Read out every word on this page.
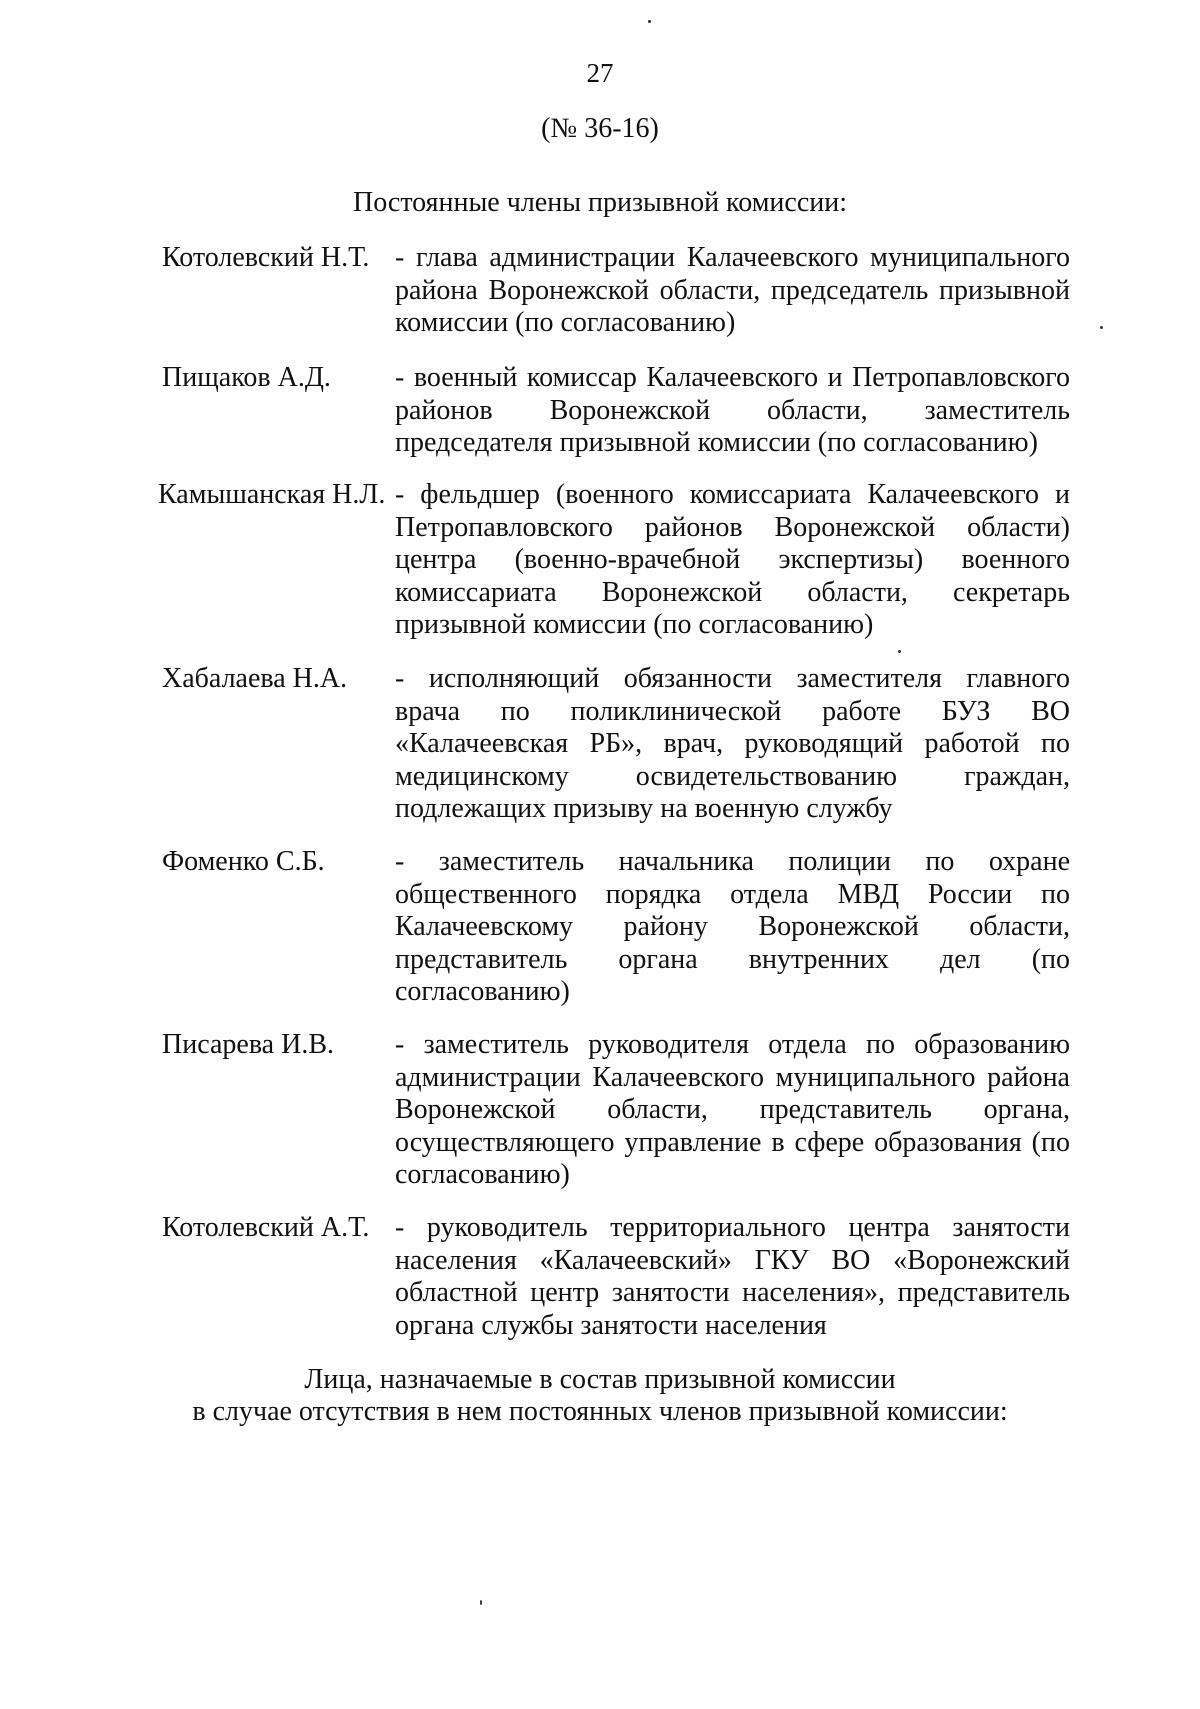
27
(№ 36-16)
Постоянные члены призывной комиссии:
Котолевский Н.Т. - глава администрации Калачеевского муниципального района Воронежской области, председатель призывной комиссии (по согласованию)
Пищаков А.Д. - военный комиссар Калачеевского и Петропавловского районов Воронежской области, заместитель председателя призывной комиссии (по согласованию)
Камышанская Н.Л. - фельдшер (военного комиссариата Калачеевского и Петропавловского районов Воронежской области) центра (военно-врачебной экспертизы) военного комиссариата Воронежской области, секретарь призывной комиссии (по согласованию)
Хабалаева Н.А. - исполняющий обязанности заместителя главного врача по поликлинической работе БУЗ ВО «Калачеевская РБ», врач, руководящий работой по медицинскому освидетельствованию граждан, подлежащих призыву на военную службу
Фоменко С.Б.	- заместитель начальника полиции по охране общественного порядка отдела МВД России по Калачеевскому району Воронежской области, представитель органа внутренних дел (по согласованию)
Писарева И.В. - заместитель руководителя отдела по образованию администрации Калачеевского муниципального района Воронежской области, представитель органа, осуществляющего управление в сфере образования (по согласованию)
Котолевский А.Т. - руководитель территориального центра занятости населения «Калачеевский» ГКУ ВО «Воронежский областной центр занятости населения», представитель органа службы занятости населения
Лица, назначаемые в состав призывной комиссии
в случае отсутствия в нем постоянных членов призывной комиссии:
